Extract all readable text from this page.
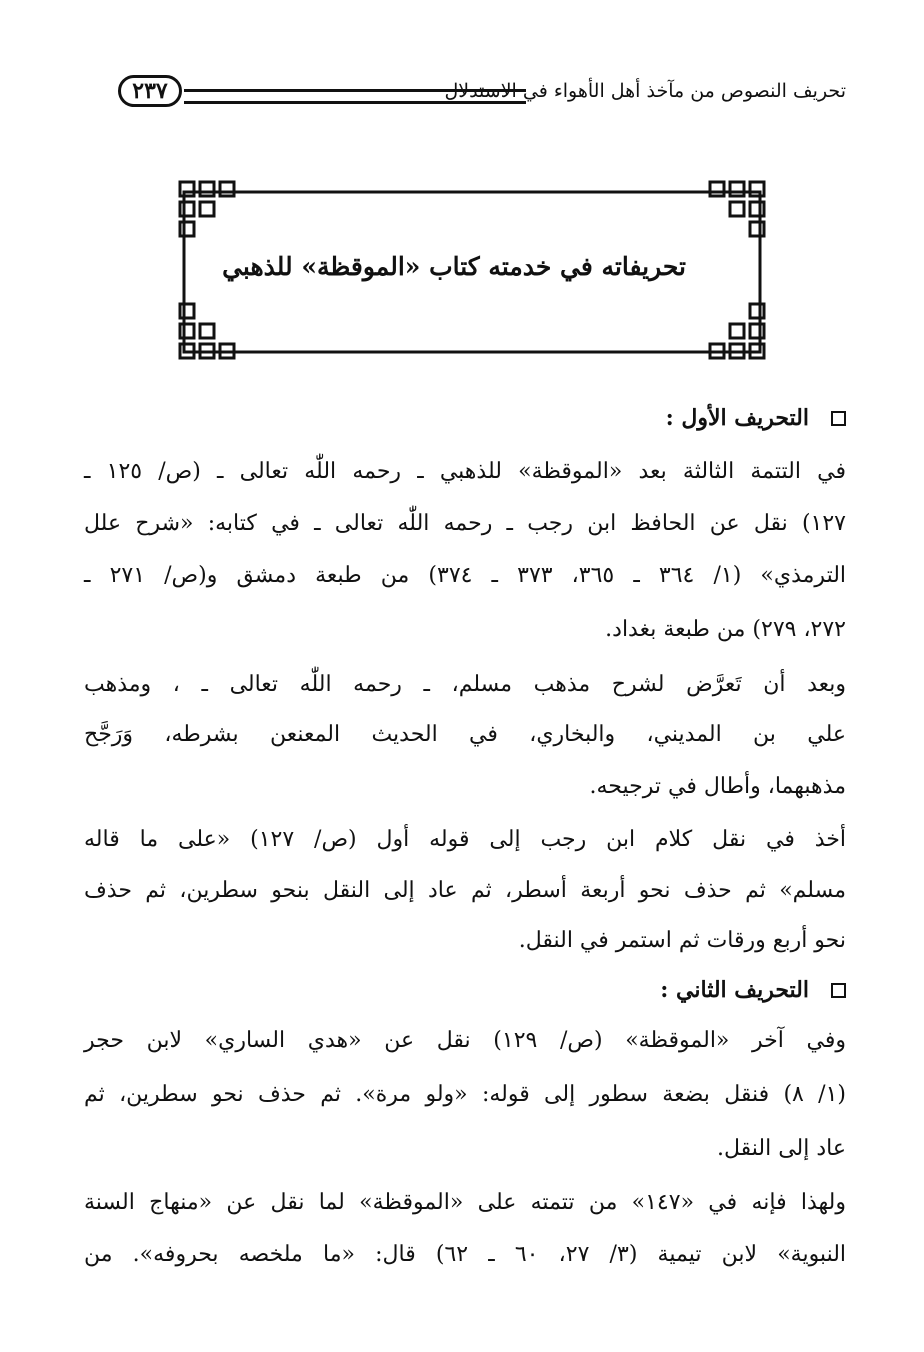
تحريف النصوص من مآخذ أهل الأهواء في الاستدلال
٢٣٧
تحريفاته في خدمته كتاب «الموقظة» للذهبي
التحريف الأول :
في التتمة الثالثة بعد «الموقظة» للذهبي ـ رحمه اللّٰه تعالى ـ (ص/ ١٢٥ ـ
١٢٧) نقل عن الحافظ ابن رجب ـ رحمه اللّٰه تعالى ـ في كتابه: «شرح علل
الترمذي» (١/ ٣٦٤ ـ ٣٦٥، ٣٧٣ ـ ٣٧٤) من طبعة دمشق و(ص/ ٢٧١ ـ
٢٧٢، ٢٧٩) من طبعة بغداد.
وبعد أن تَعرَّض لشرح مذهب مسلم، ـ رحمه اللّٰه تعالى ـ ، ومذهب
علي بن المديني، والبخاري، في الحديث المعنعن بشرطه، وَرَجَّح
مذهبهما، وأطال في ترجيحه.
أخذ في نقل كلام ابن رجب إلى قوله أول (ص/ ١٢٧) «على ما قاله
مسلم» ثم حذف نحو أربعة أسطر، ثم عاد إلى النقل بنحو سطرين، ثم حذف
نحو أربع ورقات ثم استمر في النقل.
التحريف الثاني :
وفي آخر «الموقظة» (ص/ ١٢٩) نقل عن «هدي الساري» لابن حجر
(١/ ٨) فنقل بضعة سطور إلى قوله: «ولو مرة». ثم حذف نحو سطرين، ثم
عاد إلى النقل.
ولهذا فإنه في «١٤٧» من تتمته على «الموقظة» لما نقل عن «منهاج السنة
النبوية» لابن تيمية (٣/ ٢٧، ٦٠ ـ ٦٢) قال: «ما ملخصه بحروفه». من
